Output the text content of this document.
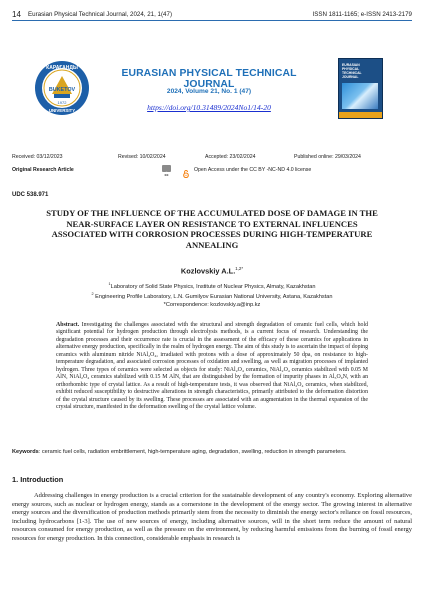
14 Eurasian Physical Technical Journal, 2024, 21, 1(47)	ISSN 1811-1165; e-ISSN 2413-2179
КАРАҒАНДЫ
BUKETOV
1972
UNIVERSITY
EURASIAN PHYSICAL TECHNICAL JOURNAL
2024, Volume 21, No. 1 (47)
https://doi.org/10.31489/2024No1/14-20
EURASIAN
PHYSICAL
TECHNICAL
JOURNAL
Received: 03/12/2023	Revised: 10/02/2024	Accepted: 23/02/2024	Published online: 29/03/2024
Original Research Article
cc
Open Access under the CC BY -NC-ND 4.0 license
UDC 538.971
STUDY OF THE INFLUENCE OF THE ACCUMULATED DOSE OF DAMAGE IN THE NEAR-SURFACE LAYER ON RESISTANCE TO EXTERNAL INFLUENCES ASSOCIATED WITH CORROSION PROCESSES DURING HIGH-TEMPERATURE ANNEALING
Kozlovskiy A.L.$^{1,2*}$
$^1$Laboratory of Solid State Physics, Institute of Nuclear Physics, Almaty, Kazakhstan
$^2$ Engineering Profile Laboratory, L.N. Gumilyov Eurasian National University, Astana, Kazakhstan
*Correspondence: kozlovskiy.a@inp.kz
Abstract. Investigating the challenges associated with the structural and strength degradation of ceramic fuel cells, which hold significant potential for hydrogen production through electrolysis methods, is a current focus of research. Understanding the degradation processes and their occurrence rate is crucial in the assessment of the efficacy of these ceramics for applications in alternative energy production, specifically in the realm of hydrogen energy. The aim of this study is to ascertain the impact of doping ceramics with aluminum nitride NiAl₂O₄, irradiated with protons with a dose of approximately 50 dpa, on resistance to high-temperature degradation, and associated corrosion processes of oxidation and swelling, as well as migration processes of implanted hydrogen. Three types of ceramics were selected as objects for study: NiAl₂O₄ ceramics, NiAl₂O₄ ceramics stabilized with 0.05 M AlN, NiAl₂O₄ ceramics stabilized with 0.15 M AlN, that are distinguished by the formation of impurity phases in Al₅O₆N, with an orthorhombic type of crystal lattice. As a result of high-temperature tests, it was observed that NiAl₂O₄ ceramics, when stabilized, exhibit reduced susceptibility to destructive alterations in strength characteristics, primarily attributed to the deformation distortion of the crystal structure caused by its swelling. These processes are associated with an augmentation in the thermal expansion of the crystal structure, manifested in the deformation swelling of the crystal lattice volume.
Keywords: ceramic fuel cells, radiation embrittlement, high-temperature aging, degradation, swelling, reduction in strength parameters.
1. Introduction
Addressing challenges in energy production is a crucial criterion for the sustainable development of any country's economy. Exploring alternative energy sources, such as nuclear or hydrogen energy, stands as a cornerstone in the development of the energy sector. The growing interest in alternative energy sources and the diversification of production methods primarily stem from the necessity to diminish the energy sector's reliance on fossil resources, including hydrocarbons [1-3]. The use of new sources of energy, including alternative sources, will in the short term reduce the amount of natural resources consumed for energy production, as well as the pressure on the environment, by reducing harmful emissions from the burning of fossil energy resources for energy production. In this connection, considerable emphasis in research is
